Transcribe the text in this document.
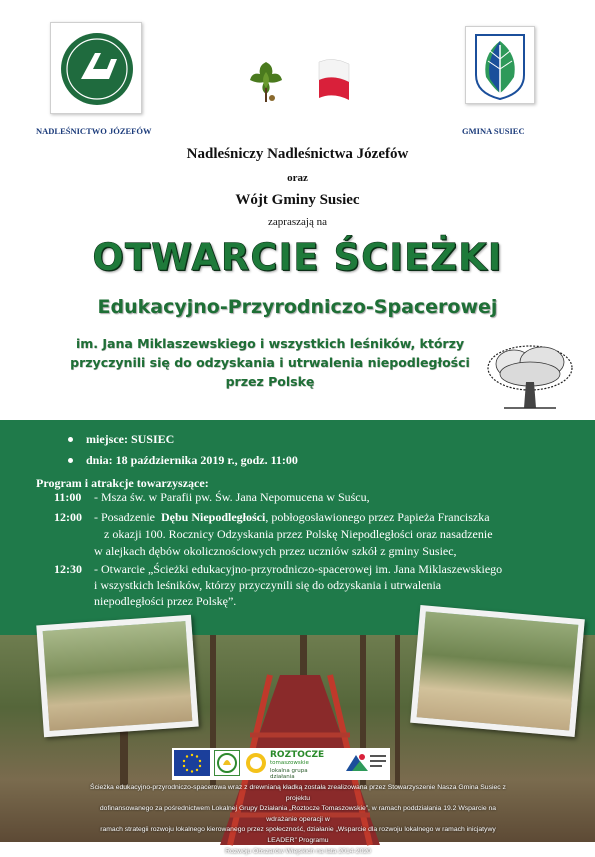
NADLEŚNICTWO JÓZEFÓW	GMINA SUSIEC
Nadleśniczy Nadleśnictwa Józefów
oraz
Wójt Gminy Susiec
zapraszają na
OTWARCIE ŚCIEŻKI
Edukacyjno-Przyrodniczo-Spacerowej
im. Jana Miklaszewskiego i wszystkich leśników, którzy przyczynili się do odzyskania i utrwalenia niepodległości przez Polskę
miejsce: SUSIEC
dnia: 18 października 2019 r., godz. 11:00
Program i atrakcje towarzyszące:
11:00 - Msza św. w Parafii pw. Św. Jana Nepomucena w Suścu,
12:00 - Posadzenie Dębu Niepodległości, pobłogosławionego przez Papieża Franciszka
z okazji 100. Rocznicy Odzyskania przez Polskę Niepodległości oraz nasadzenie
w alejkach dębów okolicznościowych przez uczniów szkół z gminy Susiec,
12:30 - Otwarcie „Ścieżki edukacyjno-przyrodniczo-spacerowej im. Jana Miklaszewskiego
i wszystkich leśników, którzy przyczynili się do odzyskania i utrwalenia
niepodległości przez Polskę”.
ROZTOCZE
tomaszowskie
lokalna grupa działania
Ścieżka edukacyjno-przyrodniczo-spacerowa wraz z drewnianą kładką została zrealizowana przez Stowarzyszenie Nasza Gmina Susiec z projektu
dofinansowanego za pośrednictwem Lokalnej Grupy Działania „Roztocze Tomaszowskie”, w ramach poddziałania 19.2 Wsparcie na wdrażanie operacji w
ramach strategii rozwoju lokalnego kierowanego przez społeczność, działanie „Wsparcie dla rozwoju lokalnego w ramach inicjatywy LEADER” Programu
Rozwoju Obszarów Wiejskich na lata 2014-2020
